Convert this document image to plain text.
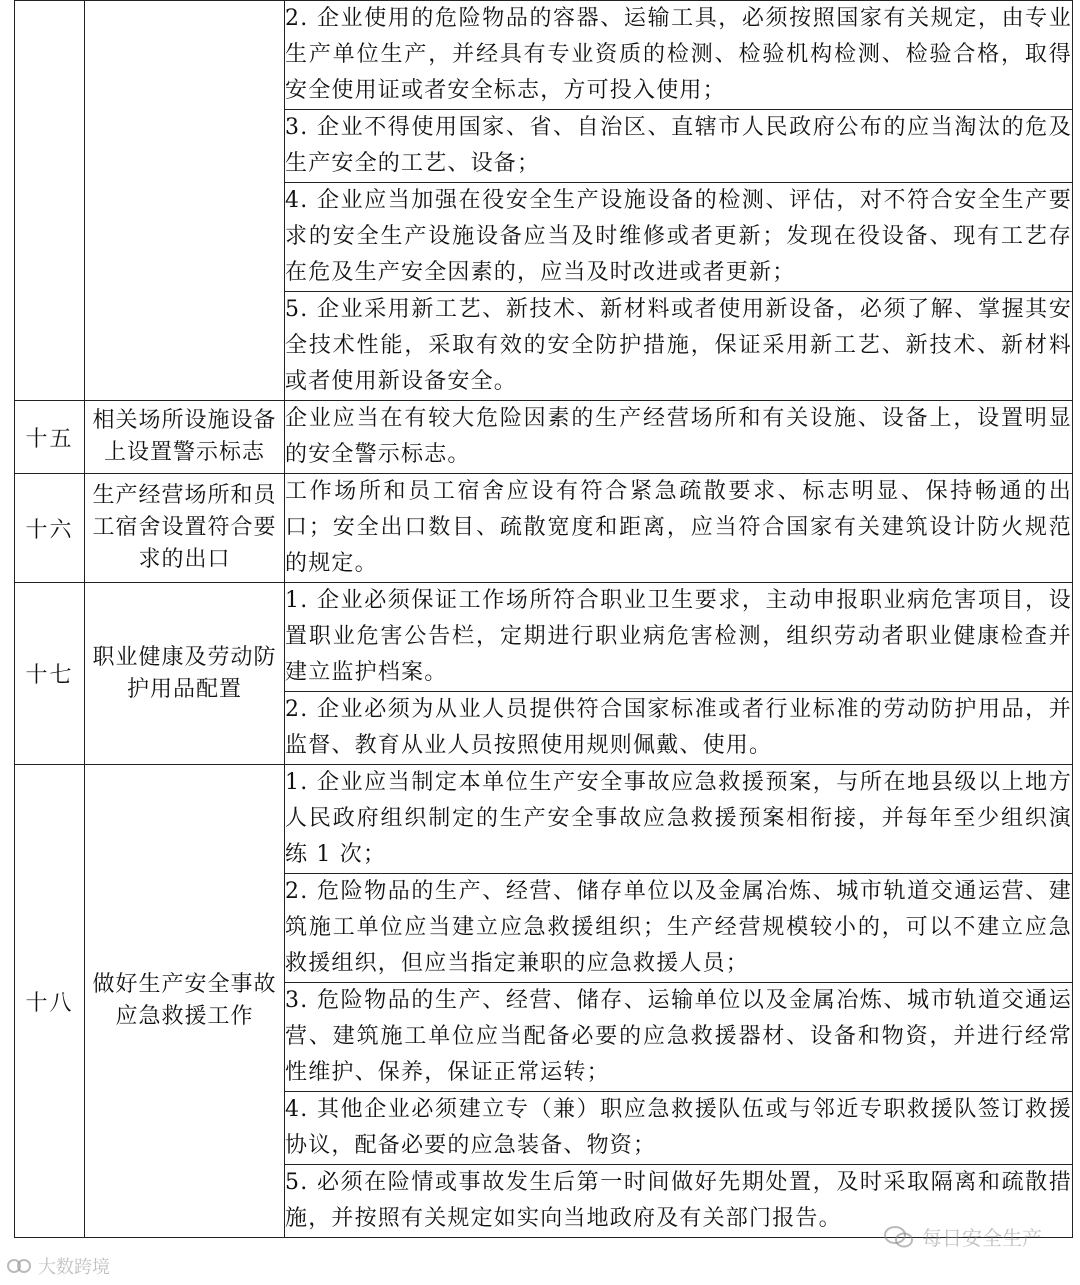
		2. 企业使用的危险物品的容器、运输工具，必须按照国家有关规定，由专业生产单位生产，并经具有专业资质的检测、检验机构检测、检验合格，取得安全使用证或者安全标志，方可投入使用；
		3. 企业不得使用国家、省、自治区、直辖市人民政府公布的应当淘汰的危及生产安全的工艺、设备；
		4. 企业应当加强在役安全生产设施设备的检测、评估，对不符合安全生产要求的安全生产设施设备应当及时维修或者更新；发现在役设备、现有工艺存在危及生产安全因素的，应当及时改进或者更新；
		5. 企业采用新工艺、新技术、新材料或者使用新设备，必须了解、掌握其安全技术性能，采取有效的安全防护措施，保证采用新工艺、新技术、新材料或者使用新设备安全。
十五	相关场所设施设备上设置警示标志	企业应当在有较大危险因素的生产经营场所和有关设施、设备上，设置明显的安全警示标志。
十六	生产经营场所和员工宿舍设置符合要求的出口	工作场所和员工宿舍应设有符合紧急疏散要求、标志明显、保持畅通的出口；安全出口数目、疏散宽度和距离，应当符合国家有关建筑设计防火规范的规定。
十七	职业健康及劳动防护用品配置	1. 企业必须保证工作场所符合职业卫生要求，主动申报职业病危害项目，设置职业危害公告栏，定期进行职业病危害检测，组织劳动者职业健康检查并建立监护档案。
		2. 企业必须为从业人员提供符合国家标准或者行业标准的劳动防护用品，并监督、教育从业人员按照使用规则佩戴、使用。
十八	做好生产安全事故应急救援工作	1. 企业应当制定本单位生产安全事故应急救援预案，与所在地县级以上地方人民政府组织制定的生产安全事故应急救援预案相衔接，并每年至少组织演练 1 次；
		2. 危险物品的生产、经营、储存单位以及金属冶炼、城市轨道交通运营、建筑施工单位应当建立应急救援组织；生产经营规模较小的，可以不建立应急救援组织，但应当指定兼职的应急救援人员；
		3. 危险物品的生产、经营、储存、运输单位以及金属冶炼、城市轨道交通运营、建筑施工单位应当配备必要的应急救援器材、设备和物资，并进行经常性维护、保养，保证正常运转；
		4. 其他企业必须建立专（兼）职应急救援队伍或与邻近专职救援队签订救援协议，配备必要的应急装备、物资；
		5. 必须在险情或事故发生后第一时间做好先期处置，及时采取隔离和疏散措施，并按照有关规定如实向当地政府及有关部门报告。
每日安全生产
大数跨境
